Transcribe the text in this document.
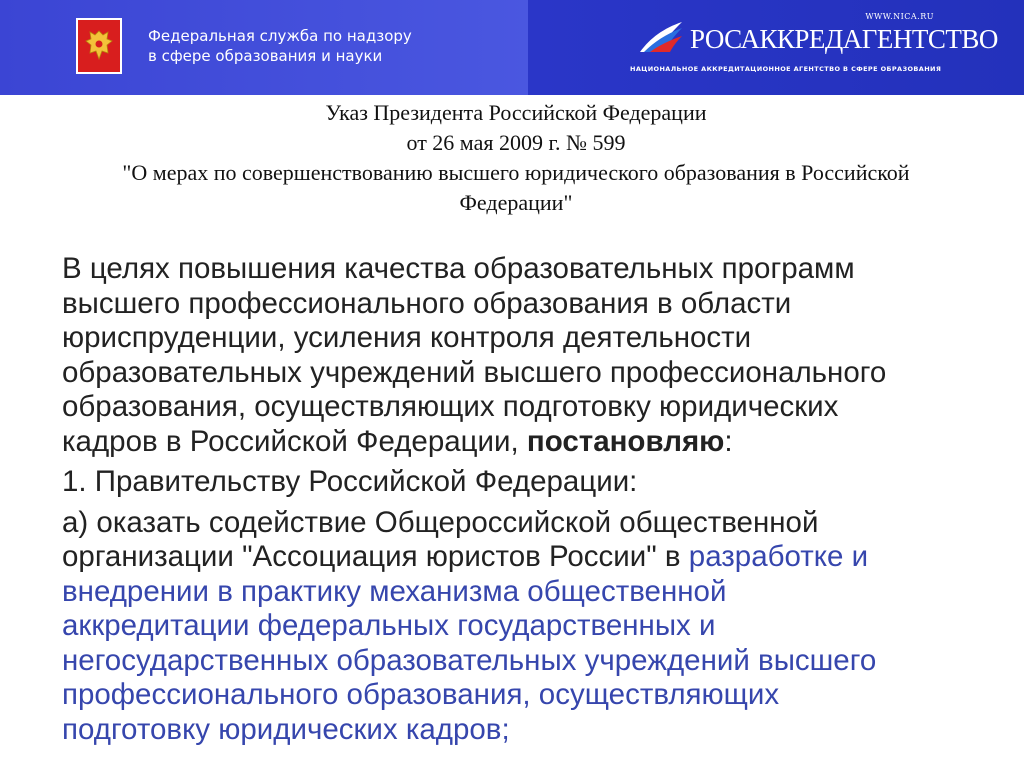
Федеральная служба по надзору
в сфере образования и науки
WWW.NICA.RU
РОСАККРЕДАГЕНТСТВО
НАЦИОНАЛЬНОЕ АККРЕДИТАЦИОННОЕ АГЕНТСТВО В СФЕРЕ ОБРАЗОВАНИЯ
Указ Президента Российской Федерации
от 26 мая 2009 г. № 599
"О мерах по совершенствованию высшего юридического образования в Российской
Федерации"
В целях повышения качества образовательных программ
высшего профессионального образования в области
юриспруденции, усиления контроля деятельности
образовательных учреждений высшего профессионального
образования, осуществляющих подготовку юридических
кадров в Российской Федерации, постановляю:
1. Правительству Российской Федерации:
а) оказать содействие Общероссийской общественной
организации "Ассоциация юристов России" в разработке и
внедрении в практику механизма общественной
аккредитации федеральных государственных и
негосударственных образовательных учреждений высшего
профессионального образования, осуществляющих
подготовку юридических кадров;
